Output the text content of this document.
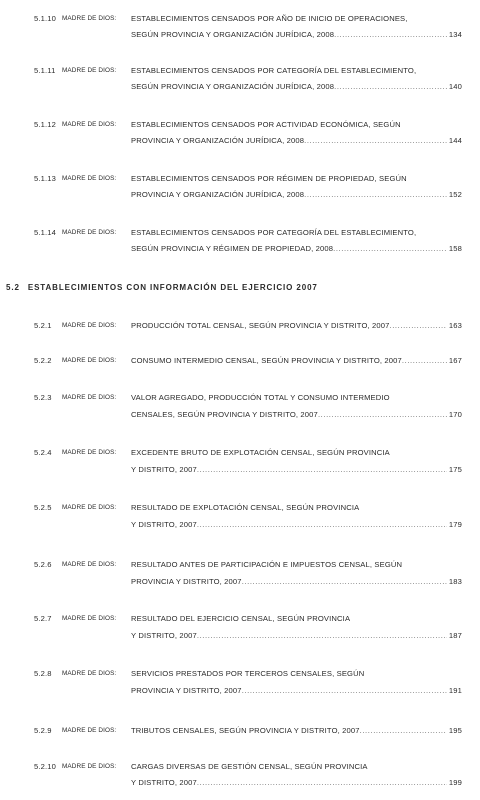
5.1.10 MADRE DE DIOS: ESTABLECIMIENTOS CENSADOS POR AÑO DE INICIO DE OPERACIONES,
SEGÚN PROVINCIA Y ORGANIZACIÓN JURÍDICA, 2008 .....	134
5.1.11 MADRE DE DIOS: ESTABLECIMIENTOS CENSADOS POR CATEGORÍA DEL ESTABLECIMIENTO,
SEGÚN PROVINCIA Y ORGANIZACIÓN JURÍDICA, 2008 .....	140
5.1.12 MADRE DE DIOS: ESTABLECIMIENTOS CENSADOS POR ACTIVIDAD ECONÓMICA, SEGÚN
PROVINCIA Y ORGANIZACIÓN JURÍDICA, 2008 .....	144
5.1.13 MADRE DE DIOS: ESTABLECIMIENTOS CENSADOS POR RÉGIMEN DE PROPIEDAD, SEGÚN
PROVINCIA Y ORGANIZACIÓN JURÍDICA, 2008 .....	152
5.1.14 MADRE DE DIOS: ESTABLECIMIENTOS CENSADOS POR CATEGORÍA DEL ESTABLECIMIENTO,
SEGÚN PROVINCIA Y RÉGIMEN DE PROPIEDAD, 2008 .....	158
5.2 ESTABLECIMIENTOS CON INFORMACIÓN DEL EJERCICIO 2007
5.2.1 MADRE DE DIOS: PRODUCCIÓN TOTAL CENSAL, SEGÚN PROVINCIA Y DISTRITO, 2007 .....	163
5.2.2 MADRE DE DIOS: CONSUMO INTERMEDIO CENSAL, SEGÚN PROVINCIA Y DISTRITO, 2007 .....	167
5.2.3 MADRE DE DIOS: VALOR AGREGADO, PRODUCCIÓN TOTAL Y CONSUMO INTERMEDIO
CENSALES, SEGÚN PROVINCIA Y DISTRITO, 2007 .....	170
5.2.4 MADRE DE DIOS: EXCEDENTE BRUTO DE EXPLOTACIÓN CENSAL, SEGÚN PROVINCIA
Y DISTRITO, 2007 .....	175
5.2.5 MADRE DE DIOS: RESULTADO DE EXPLOTACIÓN CENSAL, SEGÚN PROVINCIA
Y DISTRITO, 2007 .....	179
5.2.6 MADRE DE DIOS: RESULTADO ANTES DE PARTICIPACIÓN E IMPUESTOS CENSAL, SEGÚN
PROVINCIA Y DISTRITO, 2007 .....	183
5.2.7 MADRE DE DIOS: RESULTADO DEL EJERCICIO CENSAL, SEGÚN PROVINCIA
Y DISTRITO, 2007 .....	187
5.2.8 MADRE DE DIOS: SERVICIOS PRESTADOS POR TERCEROS CENSALES, SEGÚN
PROVINCIA Y DISTRITO, 2007 .....	191
5.2.9 MADRE DE DIOS: TRIBUTOS CENSALES, SEGÚN PROVINCIA Y DISTRITO, 2007 .....	195
5.2.10 MADRE DE DIOS: CARGAS DIVERSAS DE GESTIÓN CENSAL, SEGÚN PROVINCIA
Y DISTRITO, 2007 .....	199
